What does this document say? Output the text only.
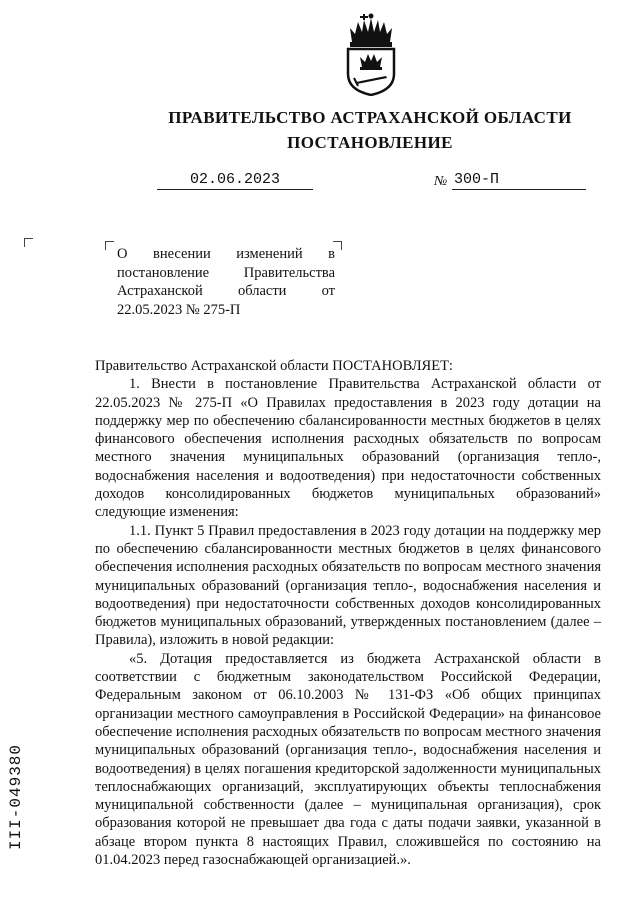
ПРАВИТЕЛЬСТВО АСТРАХАНСКОЙ ОБЛАСТИ
ПОСТАНОВЛЕНИЕ
02.06.2023	№ 300-П
О внесении изменений в постановление Правительства Астраханской области от 22.05.2023 № 275-П

Правительство Астраханской области ПОСТАНОВЛЯЕТ:

1. Внести в постановление Правительства Астраханской области от 22.05.2023 № 275-П «О Правилах предоставления в 2023 году дотации на поддержку мер по обеспечению сбалансированности местных бюджетов в целях финансового обеспечения исполнения расходных обязательств по вопросам местного значения муниципальных образований (организация тепло-, водоснабжения населения и водоотведения) при недостаточности собственных доходов консолидированных бюджетов муниципальных образований» следующие изменения:

1.1. Пункт 5 Правил предоставления в 2023 году дотации на поддержку мер по обеспечению сбалансированности местных бюджетов в целях финансового обеспечения исполнения расходных обязательств по вопросам местного значения муниципальных образований (организация тепло-, водоснабжения населения и водоотведения) при недостаточности собственных доходов консолидированных бюджетов муниципальных образований, утвержденных постановлением (далее – Правила), изложить в новой редакции:

«5. Дотация предоставляется из бюджета Астраханской области в соответствии с бюджетным законодательством Российской Федерации, Федеральным законом от 06.10.2003 № 131-ФЗ «Об общих принципах организации местного самоуправления в Российской Федерации» на финансовое обеспечение исполнения расходных обязательств по вопросам местного значения муниципальных образований (организация тепло-, водоснабжения населения и водоотведения) в целях погашения кредиторской задолженности муниципальных теплоснабжающих организаций, эксплуатирующих объекты теплоснабжения муниципальной собственности (далее – муниципальная организация), срок образования которой не превышает два года с даты подачи заявки, указанной в абзаце втором пункта 8 настоящих Правил, сложившейся по состоянию на 01.04.2023 перед газоснабжающей организацией.».

III-049380
